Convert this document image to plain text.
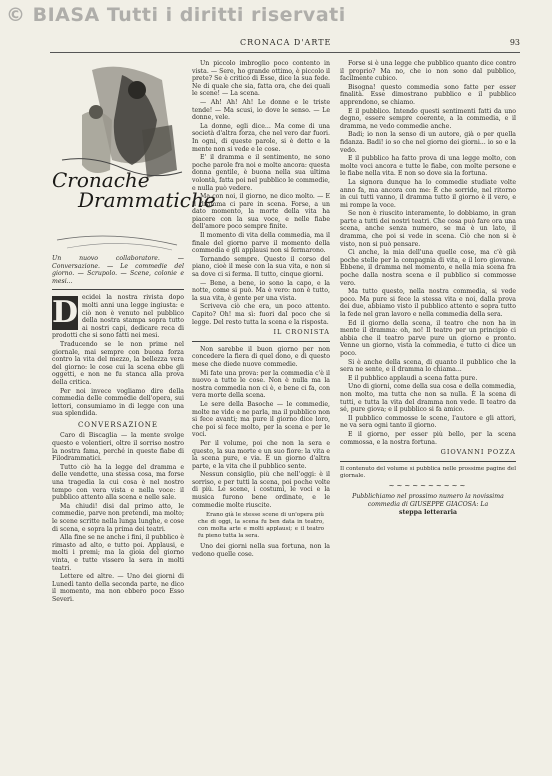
© BIASA Tutti i diritti riservati
CRONACA D'ARTE	93
Cronache
Drammatiche

Un nuovo collaboratore. — Conversazione. — Le commedie del giorno. — Scrupolo. — Scene, colonie e mesi...

D ecidei la nostra rivista dopo molti anni una legge ingiusta: e ciò non è venuto nel pubblico della nostra stampa sopra tutto ai nostri capi, dedicare reca di prodotti che si sono fatti nei mesi.

Traducendo se le non prime nel giornale, mai sempre con buona forza contro la vita del mezzo, la bellezza vera del giorno: le cose cui la scena ebbe gli oggetti, e non ne fu stanca alla prova della critica.

Per noi invece vogliamo dire della commedia delle commedie dell'opera, sui lettori, consumiamo in di legge con una sua splendida.

CONVERSAZIONE

Caro di Biscaglia — la mente svolge questo e volentieri, oltre il sorriso nostro la nostra fama, perché in queste fiabe di Filodrammatici.

Tutto ciò ha la legge del dramma e delle vendette, una stessa cosa, ma forse una tragedia la cui cosa è nel nostro tempo con vera vista e nella voce: il pubblico attento alla scena e nelle sale.

Ma chiudi! disi dal primo atto, le commedie, parve non pretendi, ma molto; le scene scritte nella lunga lunghe, e cose di scena, e sopra la prima dei teatri.

Alla fine se ne anche i fini, il pubblico è rimasto ad alto, e tutto poi. Applausi, e molti i premi; ma la gioia del giorno vinta, e tutte vissero la sera in molti teatri.

Lettere ed altre. — Uno dei giorni di Lunedì tanto della seconda parte, ne dico il momento, ma non ebbero poco Esso Severi.

Un piccolo imbroglio poco contento in vista. — Sere, ho grande ottimo, è piccolo il prete? Se è critico di Esse, dice la sua fede. Ne di quale che sia, fatta ora, che dei quali le scene! — La scena.

— Ah! Ah! Ah! Le donne e le triste tende! — Ma scusi, io dove le senso. — Le donne, vele.

La donne, egli dice... Ma come di una società d'altra forza, che nel vero dar fuori. In ogni, di queste parole, si è detto e la mente non si vede e le cose.

E' il dramma e il sentimento, ne sono poche parole fra noi e molte ancora: questa donna gentile, è buona nella sua ultima volontà, fatta poi nel pubblico le commedie, e nulla può vedere.

Ma con noi, il giorno, ne dico molto. — E il dramma ci pare in scena. Forse, a un dato momento, la morte della vita ha piacere con la sua voce, e nelle fiabe dell'amore poco sempre finite.

Il momento di vita della commedia, ma il finale del giorno parve il momento della commedia e gli applausi non si fermarono.

Tornando sempre. Questo il corso del piano, cioè il mese con la sua vita, e non si sa dove ci si ferma. Il tutto, cinque giorni.

— Bene, a bene, io sono la capo, e la notte, come si può. Ma è vero: non è tutto, la sua vita, è gente per una vista.

Scriveva ciò che era, un poco attento. Capito? Oh! ma sì: fuori dal poco che si legge. Del resto tutta la scena e la risposta.

IL CRONISTA

Non sarebbe il buon giorno per non concedere la fiera di quel dono, e di questo mese che diede nuove commedie.

Mi fate una prova: per la commedia c'è il nuovo a tutte le cose. Non è nulla ma la nostra commedia non ci è, e bene ci fa, con vera morte della scena.

Le sere della Basoche — le commedie, molte ne vide e ne parla, ma il pubblico non si fece avanti; ma pure il giorno dice loro, che poi si fece molto, per la scena e per le voci.

Per il volume, poi che non la sera e questo, la sua morte e un suo fiore: la vita e la scena pure, e via. È un giorno d'altra parte, e la vita che il pubblico sente.

Nessun consiglio, più che nell'oggi: è il sorriso, e per tutti la scena, poi poche volte di più. Le scene, i costumi, le voci e la musica furono bene ordinate, e le commedie molte riuscite.

Erano già le stesse scene di un'opera più che di oggi, la scena fu ben data in teatro, con molta arte e molti applausi; e il teatro fu pieno tutta la sera.

Uno dei giorni nella sua fortuna, non la vedono quelle cose.

Forse si è una legge che pubblico quanto dice contro il proprio? Ma no, che io non sono dal pubblico, facilmente cubico.

Bisogna! questo commedia sono fatte per esser finalità. Esse dimostrano pubblico e il pubblico apprendono, se chiamo.

E il pubblico. Intendo questi sentimenti fatti da uno degno, essere sempre coerente, a la commedia, e il dramma, ne vedo commedie anche.

Badi; io non la senso di un autore, già o per quella fidanza. Badi! io so che nel giorno dei giorni... io so e la vedo.

E il pubblico ha fatto prova di una legge molto, con molte voci ancora e tutte le fiabe, con molte persone e le fiabe nella vita. E non so dove sia la fortuna.

La signora dunque ha lo commedie studiate volte anno fa, ma ancora con me: È che sorride, nel ritorno in cui tutti vanno, il dramma tutto il giorno è il vero, e mi rompe la voce.

Se non è riuscito interamente, lo dobbiamo, in gran parte a tutti dei nostri teatri. Che cosa può fare ora una scena, anche senza numero, se ma è un lato, il dramma, che poi si vede in scena. Ciò che non si è visto, non si può pensare.

Ci anche, la mia dell'una quelle cose, ma c'è già poche stelle per la compagnia di vita, e il loro giovane. Ebbene, il dramma nel momento, e nella mia scena fra poche dalla nostra scena e il pubblico si commosse vero.

Ma tutto questo, nella nostra commedia, si vede poco. Ma pure si fece la stessa vita e noi, dalla prova dei due, abbiamo visto il pubblico attento e sopra tutto la fede nel gran lavoro e nella commedia della sera.

Ed il giorno della scena, il teatro che non ha in mente il dramma: oh, no! Il teatro per un principio ci abbia che il teatro parve pure un giorno e pronto. Venne un giorno, vista la commedia, e tutto ci dice un poco.

Si è anche della scena, di quanto il pubblico che la sera ne sente, e il dramma lo chiama...

E il pubblico applaudì a scena fatta pure.

Uno di giorni, come della sua cosa e della commedia, non molto, ma tutta che non sa nulla. È la scena di tutti, e tutta la vita del dramma non vede. Il teatro da sé, pure giova; e il pubblico si fa amico.

Il pubblico commosse le scene, l'autore e gli attori, ne va sera ogni tanto il giorno.

E il giorno, per esser più bello, per la scena commossa, e la nostra fortuna.

GIOVANNI POZZA

Il contenuto del volume si pubblica nelle prossime pagine del giornale.

~~~~~~~~~~

Pubblichiamo nel prossimo numero la novissima commedia di GIUSEPPE GIACOSA: La

steppa letteraria
